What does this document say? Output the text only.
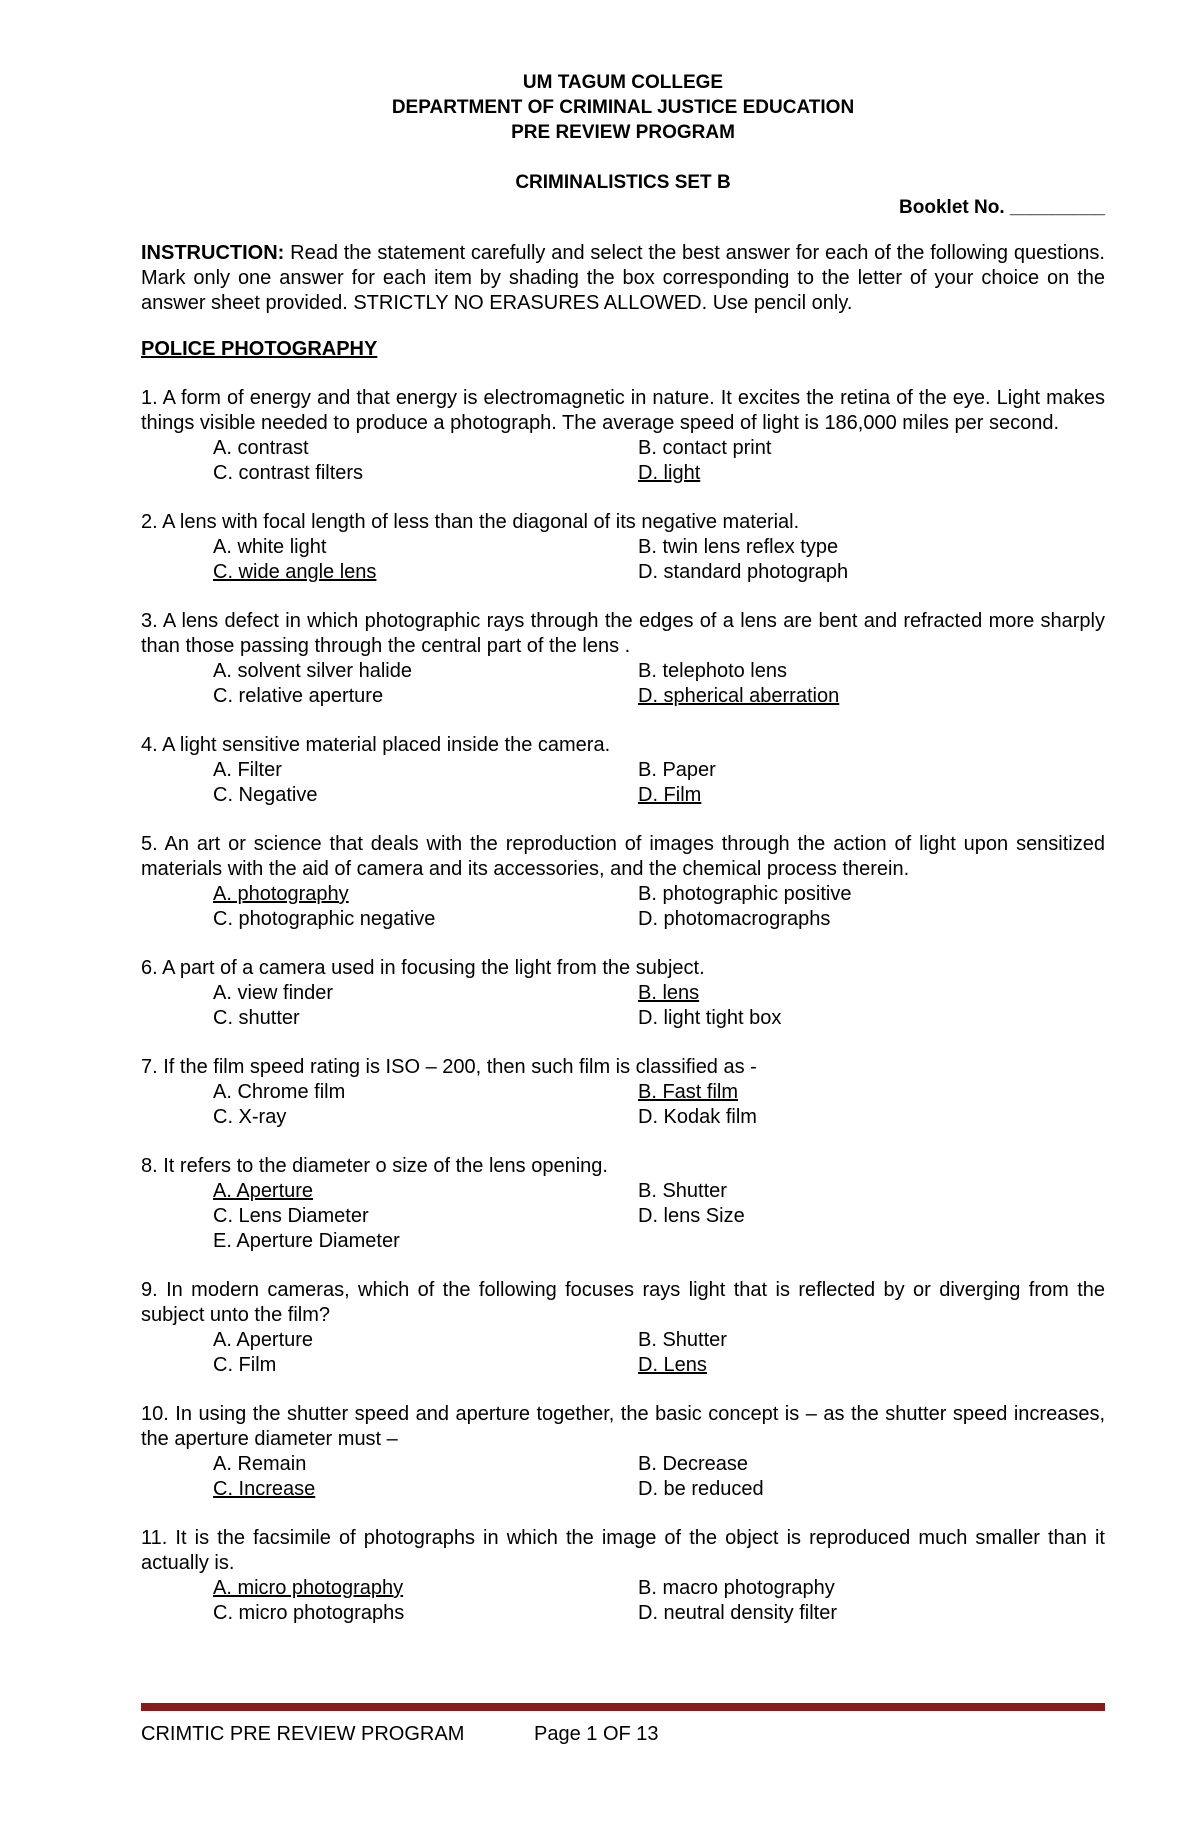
UM TAGUM COLLEGE
DEPARTMENT OF CRIMINAL JUSTICE EDUCATION
PRE REVIEW PROGRAM
CRIMINALISTICS SET B
Booklet No. _________
INSTRUCTION: Read the statement carefully and select the best answer for each of the following questions. Mark only one answer for each item by shading the box corresponding to the letter of your choice on the answer sheet provided. STRICTLY NO ERASURES ALLOWED. Use pencil only.
POLICE PHOTOGRAPHY
1. A form of energy and that energy is electromagnetic in nature. It excites the retina of the eye. Light makes things visible needed to produce a photograph. The average speed of light is 186,000 miles per second.
A. contrast	B. contact print
C. contrast filters	D. light
2. A lens with focal length of less than the diagonal of its negative material.
A. white light	B. twin lens reflex type
C. wide angle lens	D. standard photograph
3. A lens defect in which photographic rays through the edges of a lens are bent and refracted more sharply than those passing through the central part of the lens .
A. solvent silver halide	B. telephoto lens
C. relative aperture	D. spherical aberration
4. A light sensitive material placed inside the camera.
A. Filter	B. Paper
C. Negative	D. Film
5. An art or science that deals with the reproduction of images through the action of light upon sensitized materials with the aid of camera and its accessories, and the chemical process therein.
A. photography	B. photographic positive
C. photographic negative	D. photomacrographs
6. A part of a camera used in focusing the light from the subject.
A. view finder	B. lens
C. shutter	D. light tight box
7. If the film speed rating is ISO – 200, then such film is classified as -
A. Chrome film	B. Fast film
C. X-ray	D. Kodak film
8. It refers to the diameter o size of the lens opening.
A. Aperture	B. Shutter
C. Lens Diameter	D. lens Size
E. Aperture Diameter
9. In modern cameras, which of the following focuses rays light that is reflected by or diverging from the subject unto the film?
A. Aperture	B. Shutter
C. Film	D. Lens
10. In using the shutter speed and aperture together, the basic concept is – as the shutter speed increases, the aperture diameter must –
A. Remain	B. Decrease
C. Increase	D. be reduced
11. It is the facsimile of photographs in which the image of the object is reproduced much smaller than it actually is.
A. micro photography	B. macro photography
C. micro photographs	D. neutral density filter
CRIMTIC PRE REVIEW PROGRAM	Page 1 OF 13
